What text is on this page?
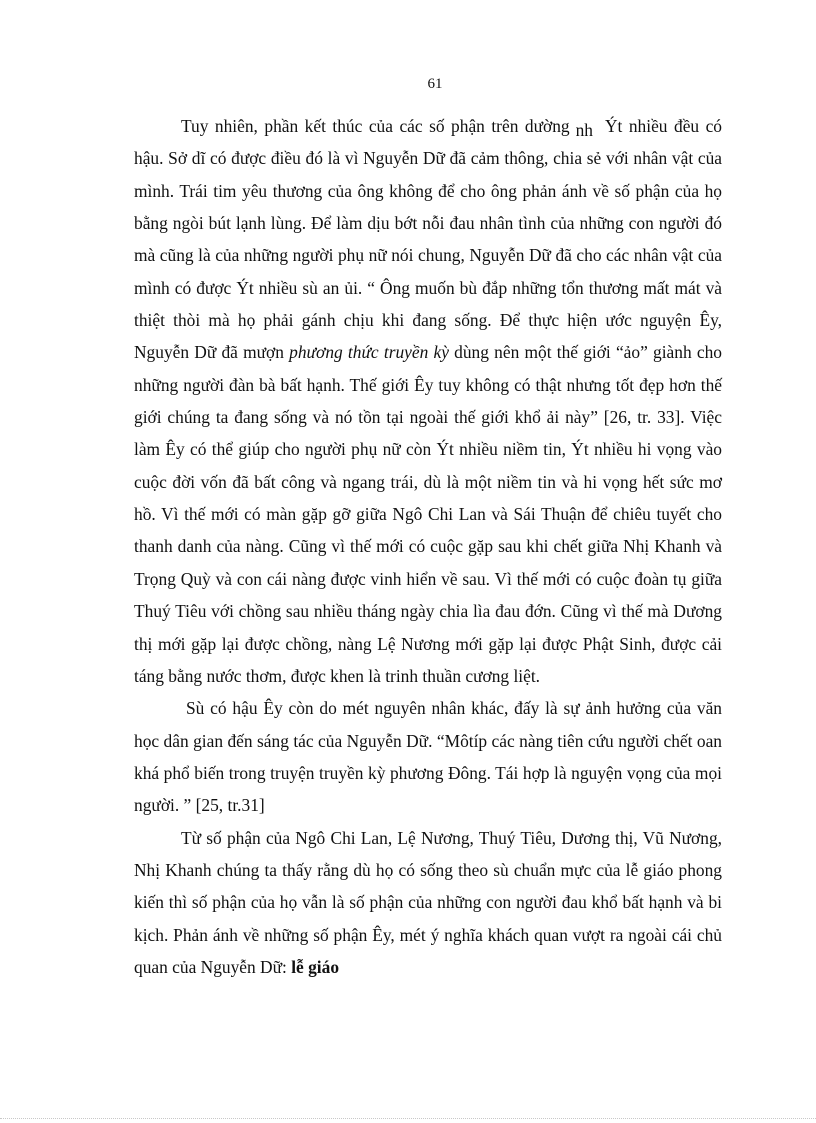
61

Tuy nhiên, phần kết thúc của các số phận trên dường nh Ýt nhiều đều có hậu. Sở dĩ có được điều đó là vì Nguyễn Dữ đã cảm thông, chia sẻ với nhân vật của mình. Trái tim yêu thương của ông không để cho ông phản ánh về số phận của họ bằng ngòi bút lạnh lùng. Để làm dịu bớt nỗi đau nhân tình của những con người đó mà cũng là của những người phụ nữ nói chung, Nguyễn Dữ đã cho các nhân vật của mình có được Ýt nhiều sù an ủi. “ Ông muốn bù đắp những tổn thương mất mát và thiệt thòi mà họ phải gánh chịu khi đang sống. Để thực hiện ước nguyện Êy, Nguyễn Dữ đã mượn phương thức truyền kỳ dùng nên một thế giới “ảo” giành cho những người đàn bà bất hạnh. Thế giới Êy tuy không có thật nhưng tốt đẹp hơn thế giới chúng ta đang sống và nó tồn tại ngoài thế giới khổ ải này” [26, tr. 33]. Việc làm Êy có thể giúp cho người phụ nữ còn Ýt nhiều niềm tin, Ýt nhiều hi vọng vào cuộc đời vốn đã bất công và ngang trái, dù là một niềm tin và hi vọng hết sức mơ hồ. Vì thế mới có màn gặp gỡ giữa Ngô Chi Lan và Sái Thuận để chiêu tuyết cho thanh danh của nàng. Cũng vì thế mới có cuộc gặp sau khi chết giữa Nhị Khanh và Trọng Quỳ và con cái nàng được vinh hiển về sau. Vì thế mới có cuộc đoàn tụ giữa Thuý Tiêu với chồng sau nhiều tháng ngày chia lìa đau đớn. Cũng vì thế mà Dương thị mới gặp lại được chồng, nàng Lệ Nương mới gặp lại được Phật Sinh, được cải táng bằng nước thơm, được khen là trinh thuần cương liệt.

Sù có hậu Êy còn do mét nguyên nhân khác, đấy là sự ảnh hưởng của văn học dân gian đến sáng tác của Nguyễn Dữ. “Môtíp các nàng tiên cứu người chết oan khá phổ biến trong truyện truyền kỳ phương Đông. Tái hợp là nguyện vọng của mọi người. ” [25, tr.31]

Từ số phận của Ngô Chi Lan, Lệ Nương, Thuý Tiêu, Dương thị, Vũ Nương, Nhị Khanh chúng ta thấy rằng dù họ có sống theo sù chuẩn mực của lễ giáo phong kiến thì số phận của họ vẫn là số phận của những con người đau khổ bất hạnh và bi kịch. Phản ánh về những số phận Êy, mét ý nghĩa khách quan vượt ra ngoài cái chủ quan của Nguyễn Dữ: lễ giáo
